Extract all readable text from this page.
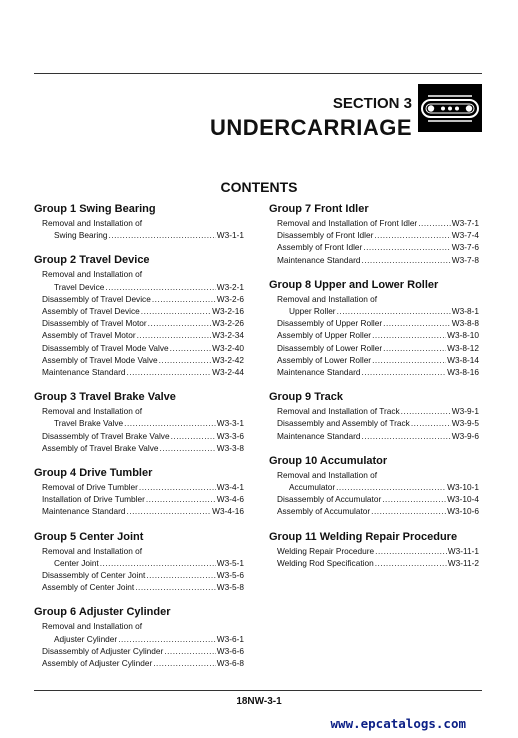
SECTION 3
UNDERCARRIAGE
CONTENTS
Group 1 Swing Bearing
Removal and Installation of
Swing Bearing .....	W3-1-1
Group 2 Travel Device
Removal and Installation of
Travel Device .....	W3-2-1
Disassembly of Travel Device .....	W3-2-6
Assembly of Travel Device .....	W3-2-16
Disassembly of Travel Motor .....	W3-2-26
Assembly of Travel Motor .....	W3-2-34
Disassembly of Travel Mode Valve .....	W3-2-40
Assembly of Travel Mode Valve .....	W3-2-42
Maintenance Standard .....	W3-2-44
Group 3 Travel Brake Valve
Removal and Installation of
Travel Brake Valve .....	W3-3-1
Disassembly of Travel Brake Valve .....	W3-3-6
Assembly of Travel Brake Valve .....	W3-3-8
Group 4 Drive Tumbler
Removal of Drive Tumbler .....	W3-4-1
Installation of Drive Tumbler .....	W3-4-6
Maintenance Standard .....	W3-4-16
Group 5 Center Joint
Removal and Installation of
Center Joint .....	W3-5-1
Disassembly of Center Joint .....	W3-5-6
Assembly of Center Joint .....	W3-5-8
Group 6 Adjuster Cylinder
Removal and Installation of
Adjuster Cylinder .....	W3-6-1
Disassembly of Adjuster Cylinder .....	W3-6-6
Assembly of Adjuster Cylinder .....	W3-6-8
Group 7 Front Idler
Removal and Installation of Front Idler .....	W3-7-1
Disassembly of Front Idler .....	W3-7-4
Assembly of Front Idler .....	W3-7-6
Maintenance Standard .....	W3-7-8
Group 8 Upper and Lower Roller
Removal and Installation of
Upper Roller .....	W3-8-1
Disassembly of Upper Roller .....	W3-8-8
Assembly of Upper Roller .....	W3-8-10
Disassembly of Lower Roller .....	W3-8-12
Assembly of Lower Roller .....	W3-8-14
Maintenance Standard .....	W3-8-16
Group 9 Track
Removal and Installation of Track .....	W3-9-1
Disassembly and Assembly of Track .....	W3-9-5
Maintenance Standard .....	W3-9-6
Group 10 Accumulator
Removal and Installation of
Accumulator .....	W3-10-1
Disassembly of Accumulator .....	W3-10-4
Assembly of Accumulator .....	W3-10-6
Group 11 Welding Repair Procedure
Welding Repair Procedure .....	W3-11-1
Welding Rod Specification .....	W3-11-2
18NW-3-1
www.epcatalogs.com
